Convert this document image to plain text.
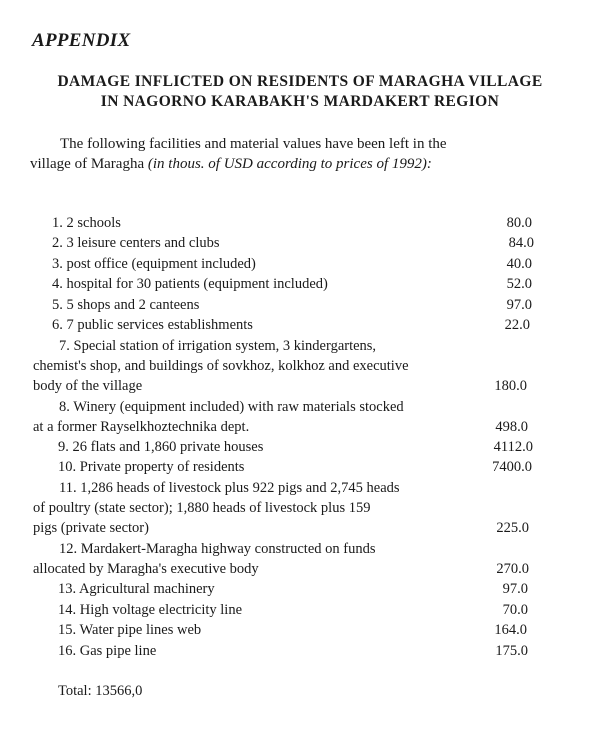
APPENDIX
DAMAGE INFLICTED ON RESIDENTS OF MARAGHA VILLAGE
IN NAGORNO KARABAKH'S MARDAKERT REGION
The following facilities and material values have been left in the
village of Maragha (in thous. of USD according to prices of 1992):
1. 2 schools	80.0
2. 3 leisure centers and clubs	84.0
3. post office (equipment included)	40.0
4. hospital for 30 patients (equipment included)	52.0
5. 5 shops and 2 canteens	97.0
6. 7 public services establishments	22.0
7. Special station of irrigation system, 3 kindergartens,
chemist's shop, and buildings of sovkhoz, kolkhoz and executive
body of the village	180.0
8. Winery (equipment included) with raw materials stocked
at a former Rayselkhoztechnika dept.	498.0
9. 26 flats and 1,860 private houses	4112.0
10. Private property of residents	7400.0
11. 1,286 heads of livestock plus 922 pigs and 2,745 heads
of poultry (state sector); 1,880 heads of livestock plus 159
pigs (private sector)	225.0
12. Mardakert-Maragha highway constructed on funds
allocated by Maragha's executive body	270.0
13. Agricultural machinery	97.0
14. High voltage electricity line	70.0
15. Water pipe lines web	164.0
16. Gas pipe line	175.0
Total: 13566,0
